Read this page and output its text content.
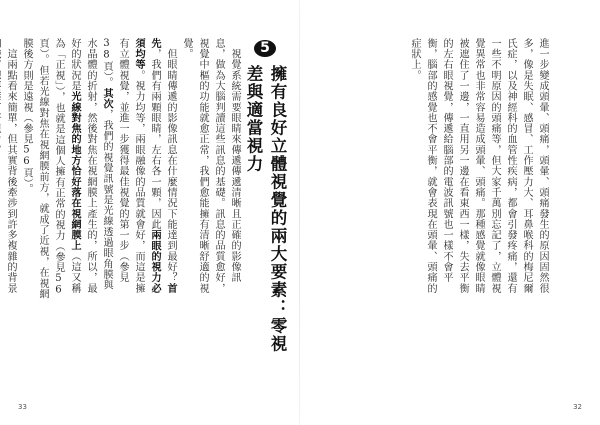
進一步變成頭暈、頭痛，頭暈、頭痛發生的原因固然很多，像是失眠、感冒、工作壓力大、耳鼻喉科的梅尼爾氏症，以及神經科的血管性疾病，都會引發疼痛，還有一些不明原因的頭痛等，但大家千萬別忘記了，立體視覺異常也非常容易造成頭暈、頭痛。那種感覺就像眼睛被遮住了一邊，一直用另一邊在看東西一樣，失去平衡的左右眼視覺，傳遞給腦部的電波訊號也一樣不會平衡，腦部的感覺也不會平衡，就會表現在頭暈、頭痛的症狀上。
32
5
擁有良好立體視覺的兩大要素：零視差與適當視力
　視覺系統需要眼睛來傳遞傳遞清晰且正確的影像訊息，做為大腦判讀這些訊息的基礎。訊息的品質愈好，視覺中樞的功能就愈正常，我們愈能擁有清晰舒適的視覺。
　但眼睛傳遞的影像訊息在什麼情況下能達到最好？首先，我們有兩顆眼睛，左右各一顆，因此兩眼的視力必須均等。視力均等，兩眼融像的品質就會好，而這是擁有立體視覺，並進一步獲得最佳視覺的第一步（參見38頁）。其次，我們的視覺訊號是光線透過眼角膜與水晶體的折射，然後對焦在視網膜上產生的，所以，最好的狀況是光線對焦的地方恰好落在視網膜上（這又稱為「正視」），也就是這個人擁有正常的視力（參見56頁）。但若光線對焦在視網膜前方，就成了近視，在視網膜後方則是遠視（參見56頁）。
　這兩點看來簡單，但其實背後牽涉到許多複雜的背景
33
